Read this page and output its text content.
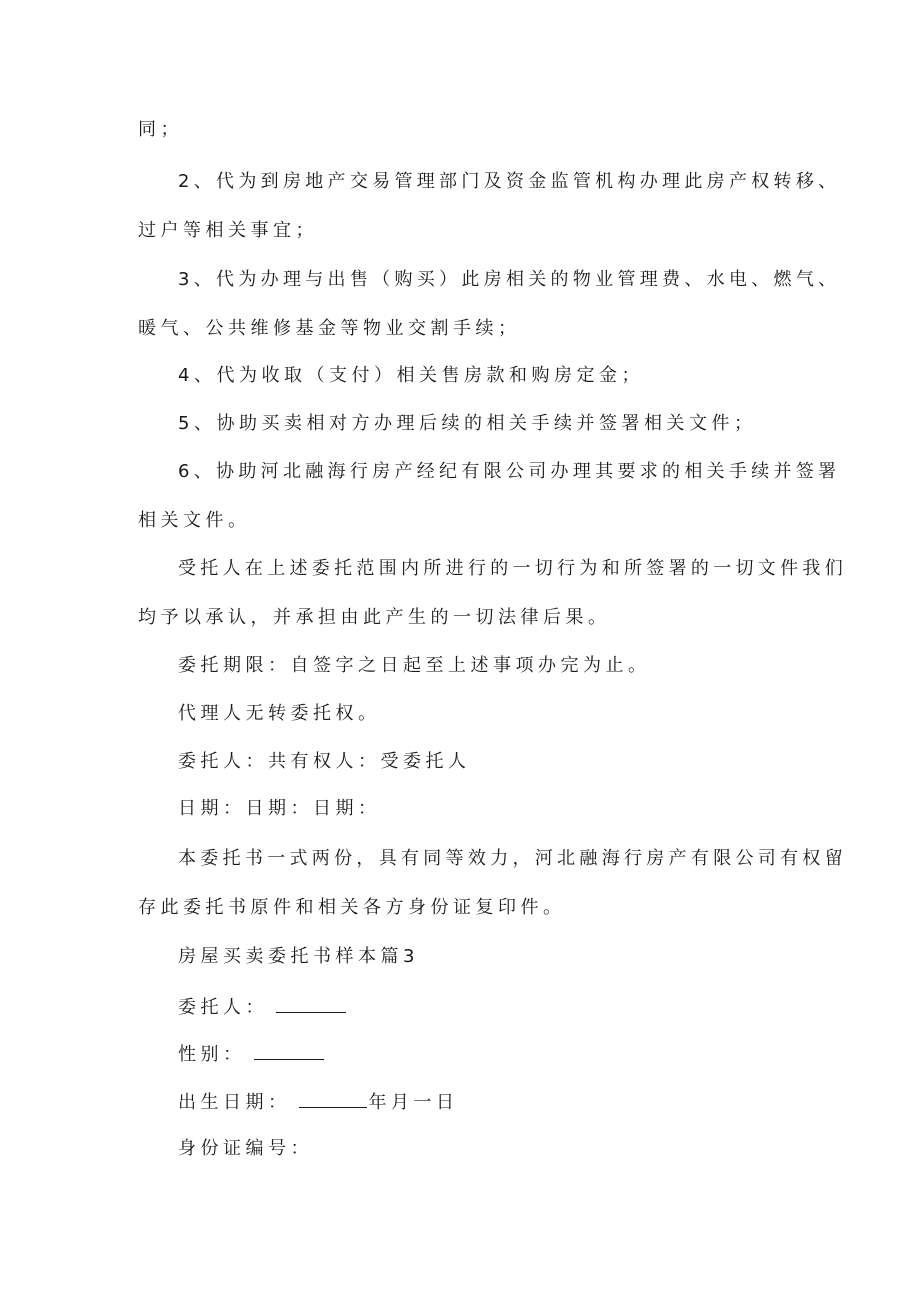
同；
2、代为到房地产交易管理部门及资金监管机构办理此房产权转移、
过户等相关事宜；
3、代为办理与出售（购买）此房相关的物业管理费、水电、燃气、
暖气、公共维修基金等物业交割手续；
4、代为收取（支付）相关售房款和购房定金；
5、协助买卖相对方办理后续的相关手续并签署相关文件；
6、协助河北融海行房产经纪有限公司办理其要求的相关手续并签署
相关文件。
受托人在上述委托范围内所进行的一切行为和所签署的一切文件我们
均予以承认，并承担由此产生的一切法律后果。
委托期限：自签字之日起至上述事项办完为止。
代理人无转委托权。
委托人：共有权人：受委托人
日期：日期：日期：
本委托书一式两份，具有同等效力，河北融海行房产有限公司有权留
存此委托书原件和相关各方身份证复印件。
房屋买卖委托书样本篇3
委托人：
性别：
出生日期：	年月一日
身份证编号：
